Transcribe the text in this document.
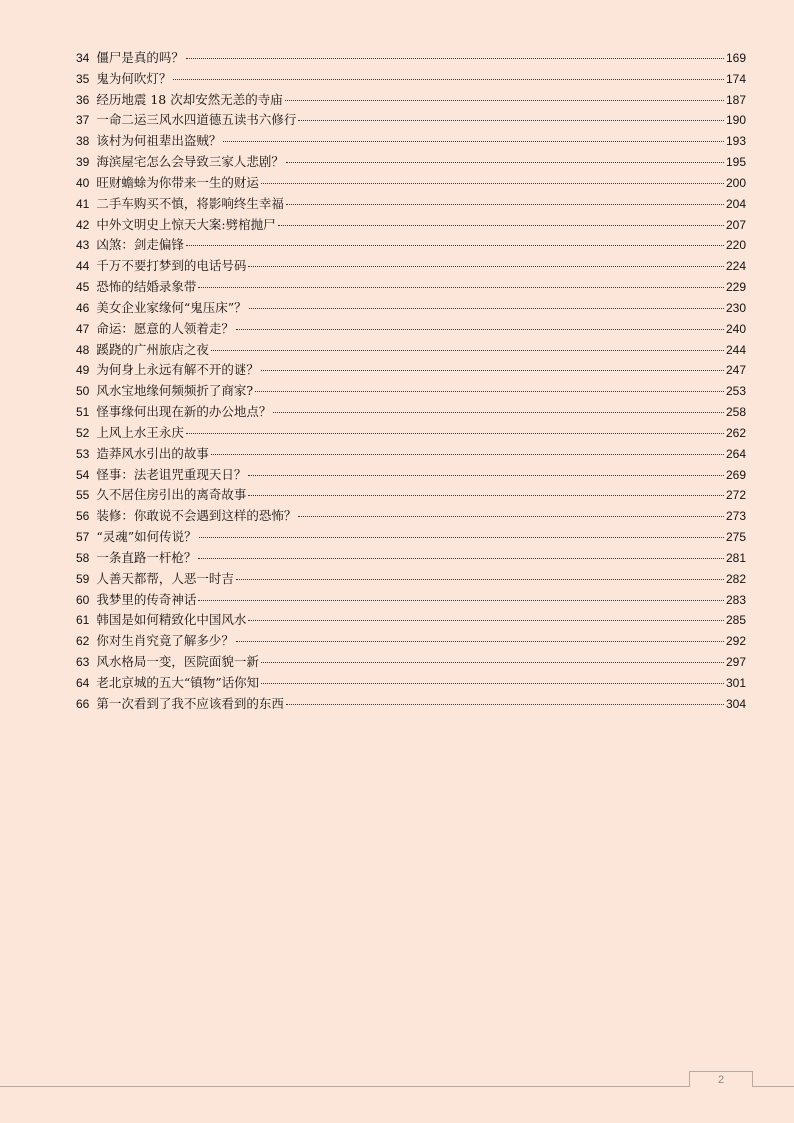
34 僵尸是真的吗？	169
35 鬼为何吹灯？	174
36 经历地震 18 次却安然无恙的寺庙	187
37 一命二运三风水四道德五读书六修行	190
38 该村为何祖辈出盗贼？	193
39 海滨屋宅怎么会导致三家人悲剧？	195
40 旺财蟾蜍为你带来一生的财运	200
41 二手车购买不慎，将影响终生幸福	204
42 中外文明史上惊天大案:劈棺抛尸	207
43 凶煞：剑走偏锋	220
44 千万不要打梦到的电话号码	224
45 恐怖的结婚录象带	229
46 美女企业家缘何“鬼压床”？	230
47 命运：愿意的人领着走？	240
48 蹊跷的广州旅店之夜	244
49 为何身上永远有解不开的谜？	247
50 风水宝地缘何频频折了商家?	253
51 怪事缘何出现在新的办公地点？	258
52 上风上水王永庆	262
53 造莽风水引出的故事	264
54 怪事：法老诅咒重现天日？	269
55 久不居住房引出的离奇故事	272
56 装修：你敢说不会遇到这样的恐怖？	273
57 “灵魂”如何传说？	275
58 一条直路一杆枪？	281
59 人善天都帮，人恶一时吉	282
60 我梦里的传奇神话	283
61 韩国是如何精致化中国风水	285
62 你对生肖究竟了解多少？	292
63 风水格局一变，医院面貌一新	297
64 老北京城的五大“镇物”话你知	301
66 第一次看到了我不应该看到的东西	304
2
